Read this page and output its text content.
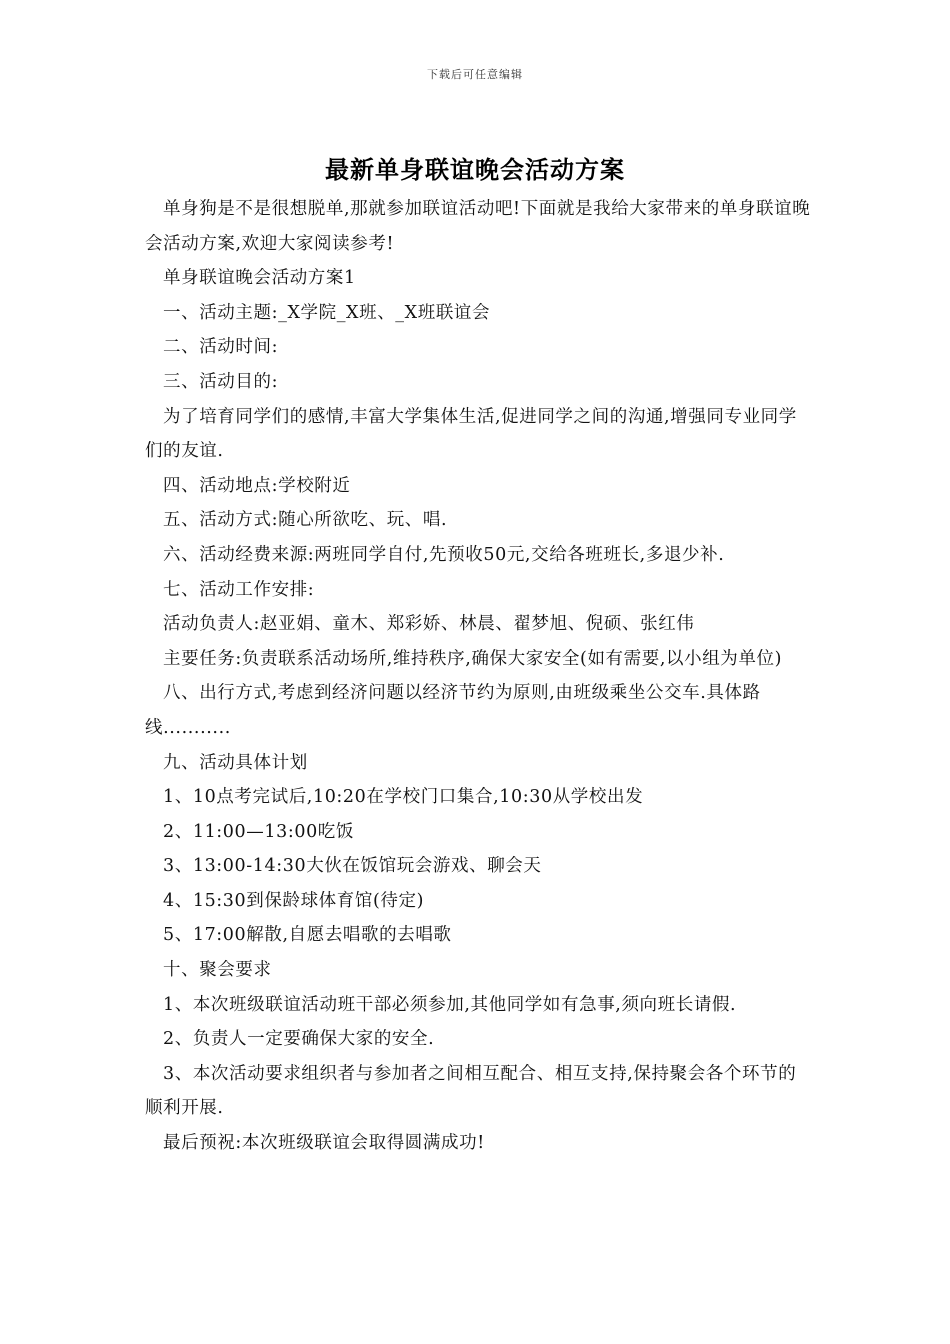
下载后可任意编辑
最新单身联谊晚会活动方案

单身狗是不是很想脱单,那就参加联谊活动吧!下面就是我给大家带来的单身联谊晚会活动方案,欢迎大家阅读参考!

单身联谊晚会活动方案1

一、活动主题:_X学院_X班、_X班联谊会

二、活动时间:

三、活动目的:

为了培育同学们的感情,丰富大学集体生活,促进同学之间的沟通,增强同专业同学们的友谊.

四、活动地点:学校附近

五、活动方式:随心所欲吃、玩、唱.

六、活动经费来源:两班同学自付,先预收50元,交给各班班长,多退少补.

七、活动工作安排:

活动负责人:赵亚娟、童木、郑彩娇、林晨、翟梦旭、倪硕、张红伟

主要任务:负责联系活动场所,维持秩序,确保大家安全(如有需要,以小组为单位)

八、出行方式,考虑到经济问题以经济节约为原则,由班级乘坐公交车.具体路线...........

九、活动具体计划

1、10点考完试后,10:20在学校门口集合,10:30从学校出发

2、11:00—13:00吃饭

3、13:00-14:30大伙在饭馆玩会游戏、聊会天

4、15:30到保龄球体育馆(待定)

5、17:00解散,自愿去唱歌的去唱歌

十、聚会要求

1、本次班级联谊活动班干部必须参加,其他同学如有急事,须向班长请假.

2、负责人一定要确保大家的安全.

3、本次活动要求组织者与参加者之间相互配合、相互支持,保持聚会各个环节的顺利开展.

最后预祝:本次班级联谊会取得圆满成功!
